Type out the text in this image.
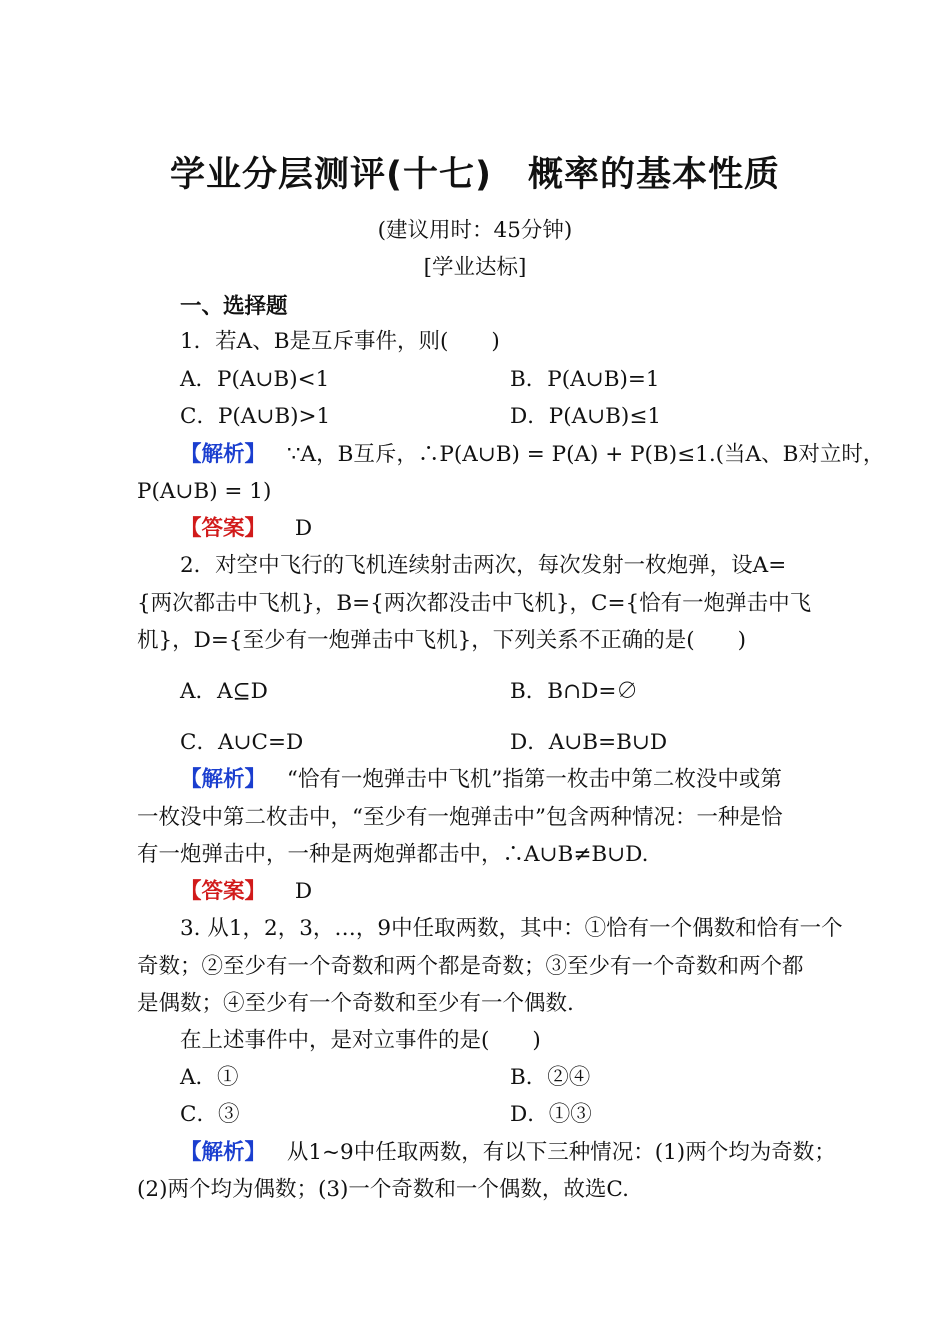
学业分层测评(十七)　概率的基本性质
(建议用时：45分钟)
[学业达标]
一、选择题
1．若A、B是互斥事件，则(　　)
A．P(A∪B)<1	B．P(A∪B)=1
C．P(A∪B)>1	D．P(A∪B)≤1
【解析】 ∵A，B互斥，∴P(A∪B) = P(A) + P(B)≤1.(当A、B对立时，
P(A∪B) = 1)
【答案】 D
2．对空中飞行的飞机连续射击两次，每次发射一枚炮弹，设A=
{两次都击中飞机}，B={两次都没击中飞机}，C={恰有一炮弹击中飞
机}，D={至少有一炮弹击中飞机}，下列关系不正确的是(　　)
A．A⊆D	B．B∩D=∅
C．A∪C=D	D．A∪B=B∪D
【解析】 “恰有一炮弹击中飞机”指第一枚击中第二枚没中或第
一枚没中第二枚击中，“至少有一炮弹击中”包含两种情况：一种是恰
有一炮弹击中，一种是两炮弹都击中，∴A∪B≠B∪D.
【答案】 D
3. 从1，2，3，…，9中任取两数，其中：①恰有一个偶数和恰有一个
奇数；②至少有一个奇数和两个都是奇数；③至少有一个奇数和两个都
是偶数；④至少有一个奇数和至少有一个偶数.
在上述事件中，是对立事件的是(　　)
A．①	B．②④
C．③	D．①③
【解析】 从1~9中任取两数，有以下三种情况：(1)两个均为奇数；
(2)两个均为偶数；(3)一个奇数和一个偶数，故选C.
